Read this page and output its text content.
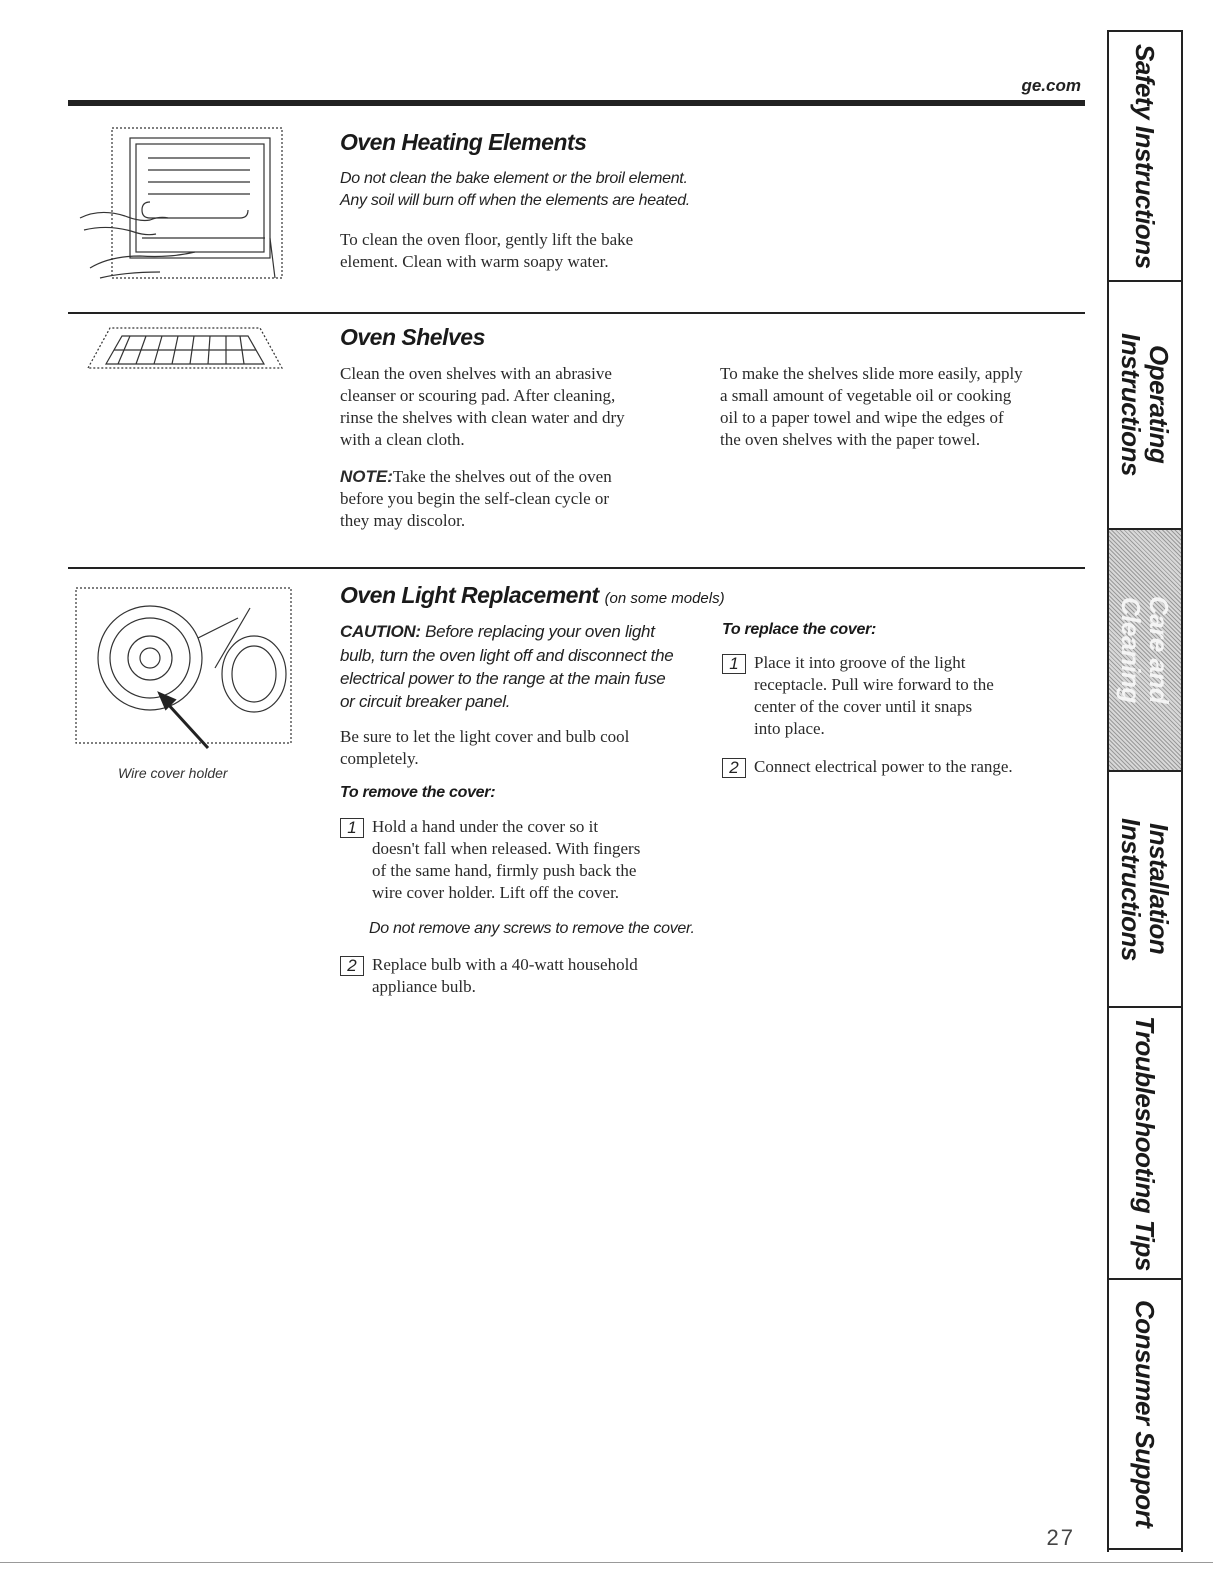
ge.com
Oven Heating Elements
Do not clean the bake element or the broil element.
Any soil will burn off when the elements are heated.
To clean the oven floor, gently lift the bake
element. Clean with warm soapy water.
Oven Shelves
Clean the oven shelves with an abrasive
cleanser or scouring pad. After cleaning,
rinse the shelves with clean water and dry
with a clean cloth.
NOTE:Take the shelves out of the oven
before you begin the self-clean cycle or
they may discolor.
To make the shelves slide more easily, apply
a small amount of vegetable oil or cooking
oil to a paper towel and wipe the edges of
the oven shelves with the paper towel.
Wire cover holder
Oven Light Replacement (on some models)
CAUTION: Before replacing your oven light
bulb, turn the oven light off and disconnect the
electrical power to the range at the main fuse
or circuit breaker panel.
Be sure to let the light cover and bulb cool
completely.
To remove the cover:
1 Hold a hand under the cover so it
doesn't fall when released. With fingers
of the same hand, firmly push back the
wire cover holder. Lift off the cover.
Do not remove any screws to remove the cover.
2 Replace bulb with a 40-watt household
appliance bulb.
To replace the cover:
1 Place it into groove of the light
receptacle. Pull wire forward to the
center of the cover until it snaps
into place.
2 Connect electrical power to the range.
27
Safety Instructions
Operating Instructions
Care and Cleaning
Installation Instructions
Troubleshooting Tips
Consumer Support
